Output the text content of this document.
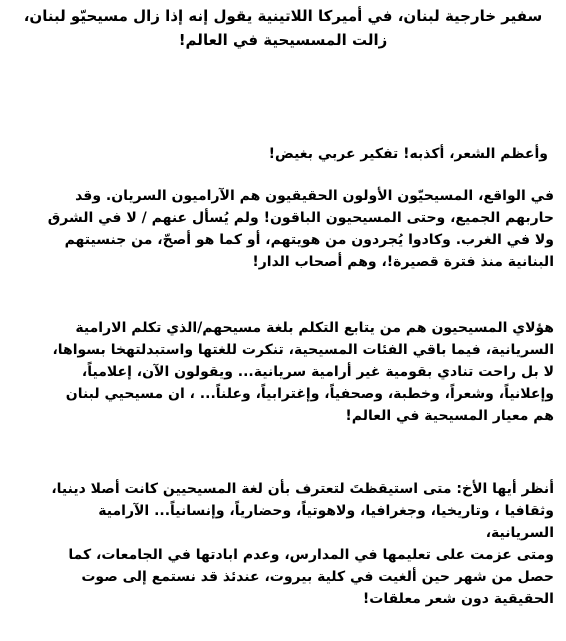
سفير خارجية لبنان، في أميركا اللاتينية يقول إنه إذا زال مسيحيّو لبنان،
زالت المسسيحية في العالم!

وأعظم الشعر، أكذبه! تفكير عربي بغيض!

في الواقع، المسيحيّون الأولون الحقيقيون هم الآراميون السريان. وقد
حاربهم الجميع، وحتى المسيحيون الباقون! ولم يُسأل عنهم / لا في الشرق
ولا في الغرب. وكادوا يُجردون من هويتهم، أو كما هو أصحّ، من جنسيتهم
البنانية منذ فترة قصيرة!، وهم أصحاب الدار!

هؤلاي المسيحيون هم من يتابع التكلم بلغة مسيحهم/الذي تكلم الارامية
السريانية، فيما باقي الفئات المسيحية، تنكرت للغتها واستبدلتهخا بسواها،
لا بل راحت تنادي بقومية غير أرامية سريانية... ويقولون الآن، إعلامياً،
وإعلانياً، وشعراً، وخطبة، وصحفياً، وإغترابياً، وعلناً... ، ان مسيحيي لبنان
هم معيار المسيحية في العالم!

أنظر أيها الأخ: متى استيقظتَ لتعترف بأن لغة المسيحيين كانت أصلا دينيا،
وثقافيا ، وتاريخيا، وجغرافيا، ولاهوتياً، وحضارياً، وإنسانياً... الآرامية
السريانية،
ومتى عزمت على تعليمها في المدارس، وعدم ابادتها في الجامعات، كما
حصل من شهر حين ألغيت في كلية بيروت، عندئذ قد نستمع إلى صوت
الحقيقية دون شعر معلقات!
